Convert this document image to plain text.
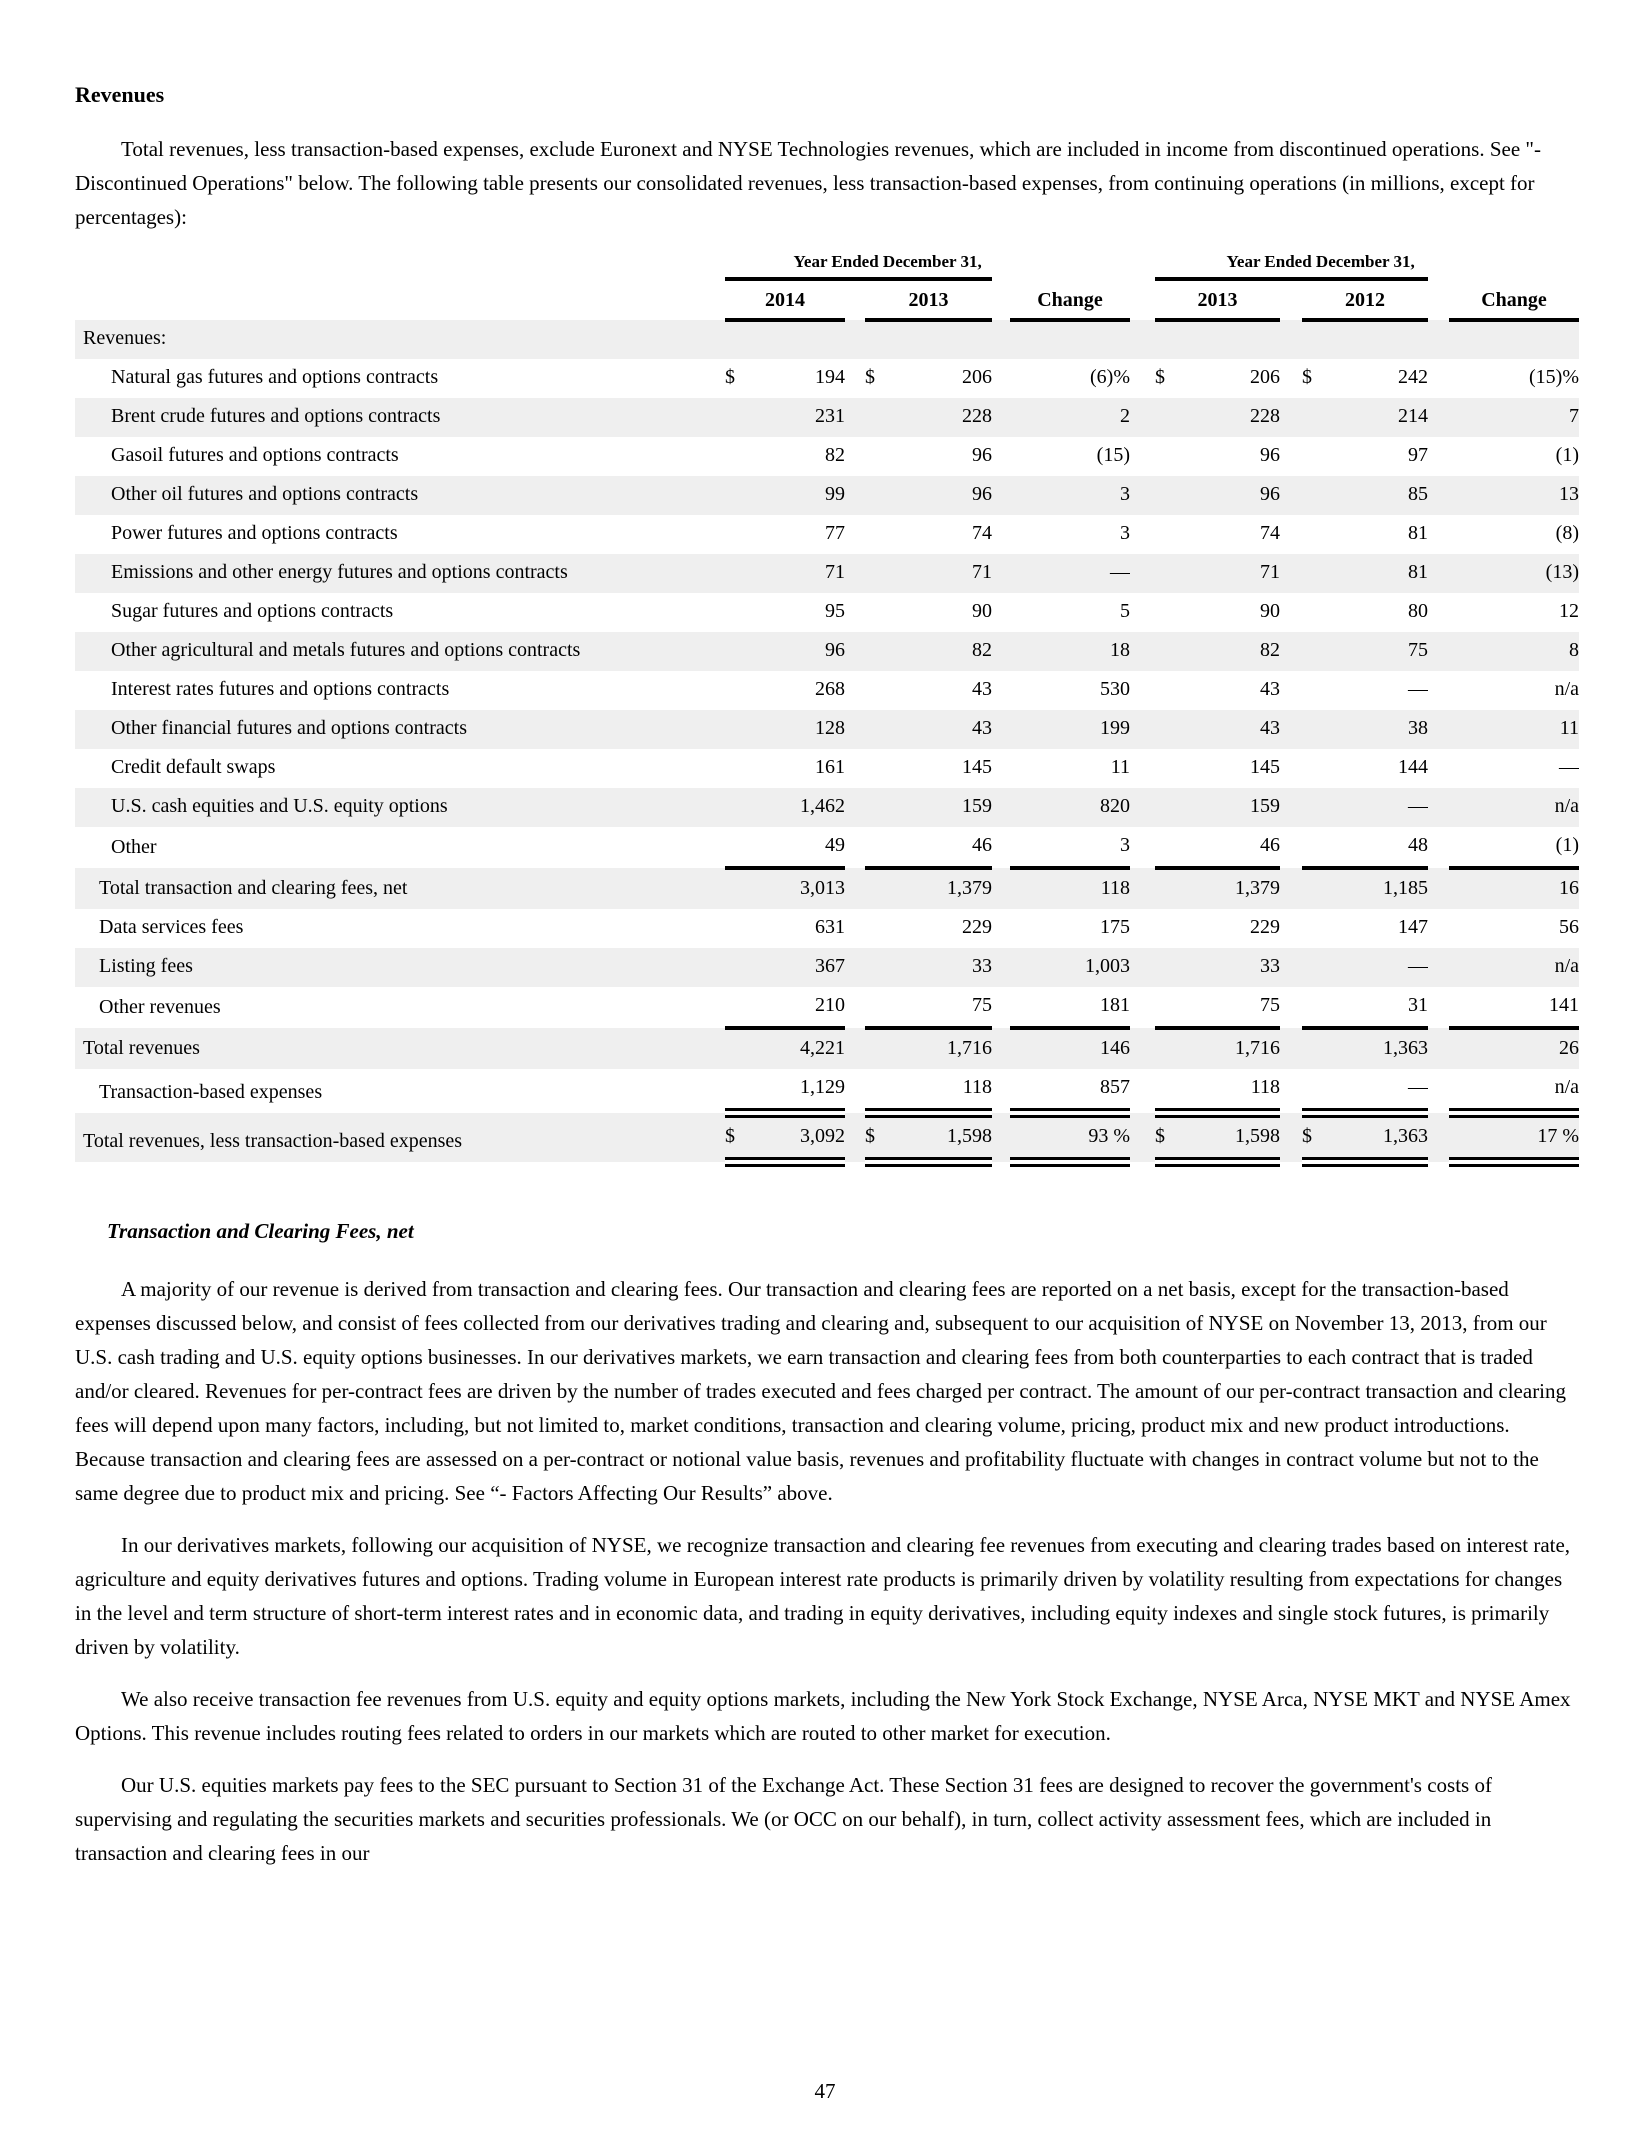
Revenues

Total revenues, less transaction-based expenses, exclude Euronext and NYSE Technologies revenues, which are included in income from discontinued operations. See "- Discontinued Operations" below. The following table presents our consolidated revenues, less transaction-based expenses, from continuing operations (in millions, except for percentages):

	Year Ended December 31,								Year Ended December 31,						
	2014			2013			Change		2013			2012			Change
Revenues:															
Natural gas futures and options contracts	$	194		$	206		(6)%		$	206		$	242		(15)%
Brent crude futures and options contracts		231			228		2			228			214		7
Gasoil futures and options contracts		82			96		(15)			96			97		(1)
Other oil futures and options contracts		99			96		3			96			85		13
Power futures and options contracts		77			74		3			74			81		(8)
Emissions and other energy futures and options contracts		71			71		—			71			81		(13)
Sugar futures and options contracts		95			90		5			90			80		12
Other agricultural and metals futures and options contracts		96			82		18			82			75		8
Interest rates futures and options contracts		268			43		530			43			—		n/a
Other financial futures and options contracts		128			43		199			43			38		11
Credit default swaps		161			145		11			145			144		—
U.S. cash equities and U.S. equity options		1,462			159		820			159			—		n/a
Other		49			46		3			46			48		(1)
Total transaction and clearing fees, net		3,013			1,379		118			1,379			1,185		16
Data services fees		631			229		175			229			147		56
Listing fees		367			33		1,003			33			—		n/a
Other revenues		210			75		181			75			31		141
Total revenues		4,221			1,716		146			1,716			1,363		26
Transaction-based expenses		1,129			118		857			118			—		n/a
Total revenues, less transaction-based expenses	$	3,092		$	1,598		93 %		$	1,598		$	1,363		17 %
Transaction and Clearing Fees, net

A majority of our revenue is derived from transaction and clearing fees. Our transaction and clearing fees are reported on a net basis, except for the transaction-based expenses discussed below, and consist of fees collected from our derivatives trading and clearing and, subsequent to our acquisition of NYSE on November 13, 2013, from our U.S. cash trading and U.S. equity options businesses. In our derivatives markets, we earn transaction and clearing fees from both counterparties to each contract that is traded and/or cleared. Revenues for per-contract fees are driven by the number of trades executed and fees charged per contract. The amount of our per-contract transaction and clearing fees will depend upon many factors, including, but not limited to, market conditions, transaction and clearing volume, pricing, product mix and new product introductions. Because transaction and clearing fees are assessed on a per-contract or notional value basis, revenues and profitability fluctuate with changes in contract volume but not to the same degree due to product mix and pricing. See “- Factors Affecting Our Results” above.

In our derivatives markets, following our acquisition of NYSE, we recognize transaction and clearing fee revenues from executing and clearing trades based on interest rate, agriculture and equity derivatives futures and options. Trading volume in European interest rate products is primarily driven by volatility resulting from expectations for changes in the level and term structure of short-term interest rates and in economic data, and trading in equity derivatives, including equity indexes and single stock futures, is primarily driven by volatility.

We also receive transaction fee revenues from U.S. equity and equity options markets, including the New York Stock Exchange, NYSE Arca, NYSE MKT and NYSE Amex Options. This revenue includes routing fees related to orders in our markets which are routed to other market for execution.

Our U.S. equities markets pay fees to the SEC pursuant to Section 31 of the Exchange Act. These Section 31 fees are designed to recover the government's costs of supervising and regulating the securities markets and securities professionals. We (or OCC on our behalf), in turn, collect activity assessment fees, which are included in transaction and clearing fees in our

47
